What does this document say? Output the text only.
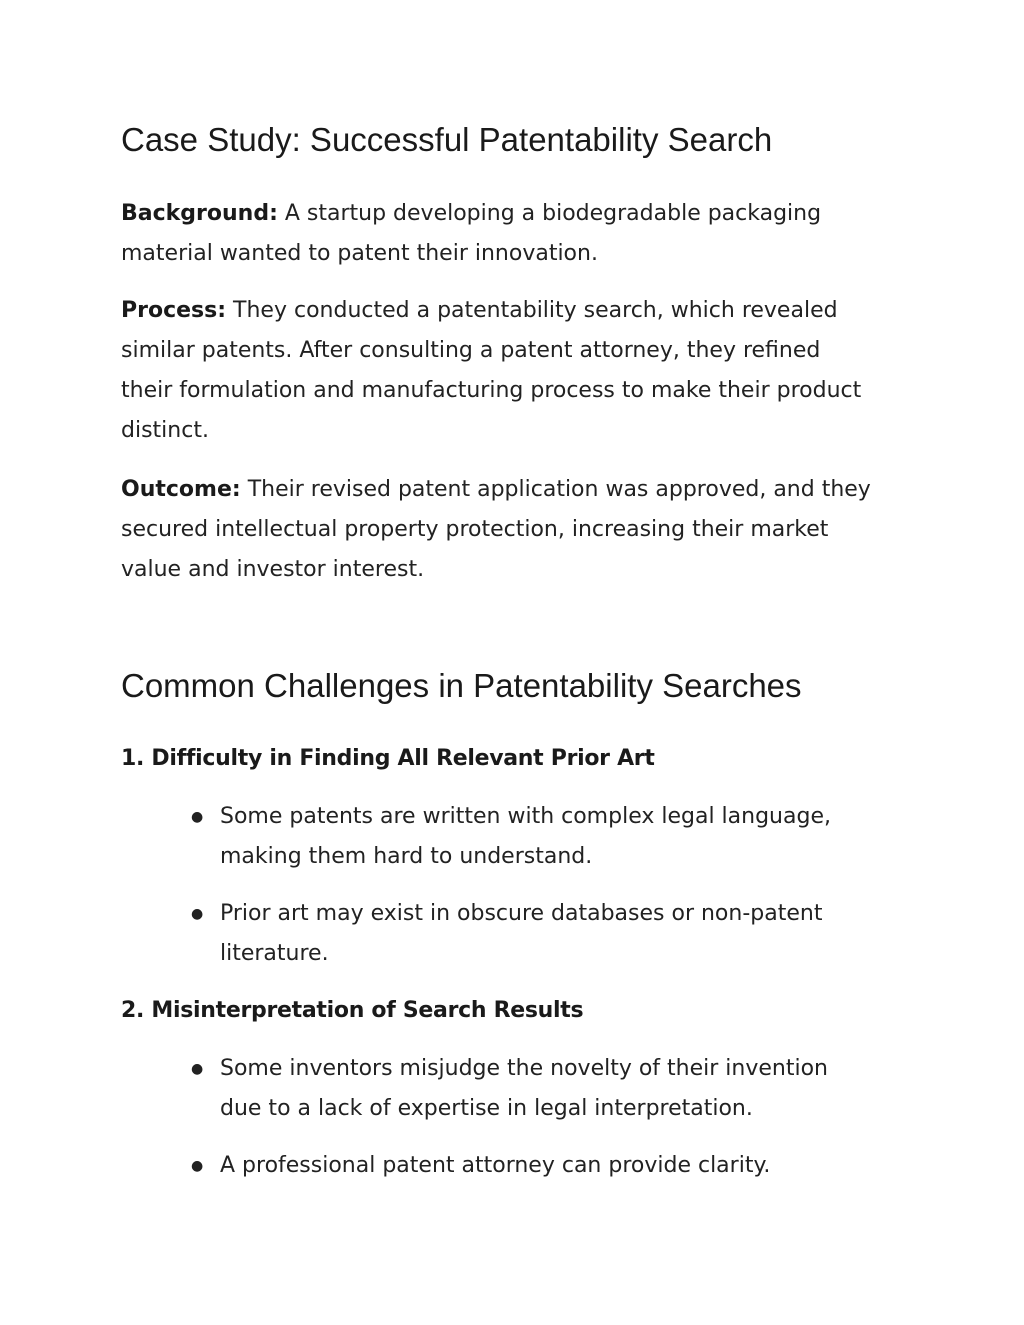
Case Study: Successful Patentability Search

Background: A startup developing a biodegradable packaging material wanted to patent their innovation.

Process: They conducted a patentability search, which revealed similar patents. After consulting a patent attorney, they refined their formulation and manufacturing process to make their product distinct.

Outcome: Their revised patent application was approved, and they secured intellectual property protection, increasing their market value and investor interest.

Common Challenges in Patentability Searches

1. Difficulty in Finding All Relevant Prior Art

● Some patents are written with complex legal language, making them hard to understand.
● Prior art may exist in obscure databases or non-patent literature.

2. Misinterpretation of Search Results

● Some inventors misjudge the novelty of their invention due to a lack of expertise in legal interpretation.
● A professional patent attorney can provide clarity.
